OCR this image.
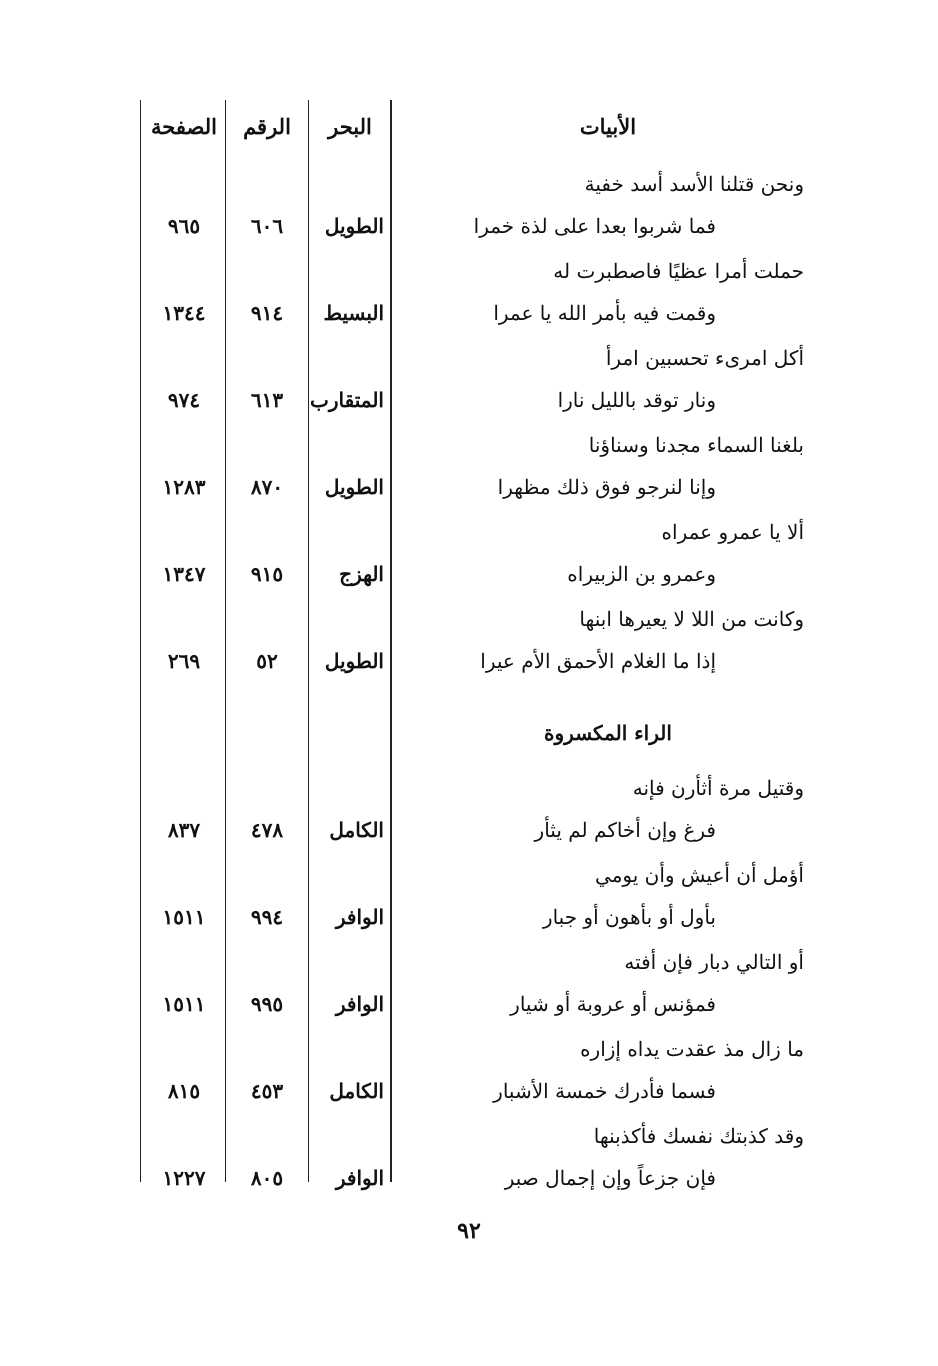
الأبيات
البحر
الرقم
الصفحة
ونحن قتلنا الأسد أسد خفية
فما شربوا بعدا على لذة خمرا
الطويل
٦٠٦
٩٦٥
حملت أمرا عظيًا فاصطبرت له
وقمت فيه بأمر الله يا عمرا
البسيط
٩١٤
١٣٤٤
أكل امرىء تحسبين امرأ
ونار توقد بالليل نارا
المتقارب
٦١٣
٩٧٤
بلغنا السماء مجدنا وسناؤنا
وإنا لنرجو فوق ذلك مظهرا
الطويل
٨٧٠
١٢٨٣
ألا يا عمرو عمراه
وعمرو بن الزبيراه
الهزج
٩١٥
١٣٤٧
وكانت من اللا لا يعيرها ابنها
إذا ما الغلام الأحمق الأم عيرا
الطويل
٥٢
٢٦٩
الراء المكسروة
وقتيل مرة أثأرن فإنه
فرغ وإن أخاكم لم يثأر
الكامل
٤٧٨
٨٣٧
أؤمل أن أعيش وأن يومي
بأول أو بأهون أو جبار
الوافر
٩٩٤
١٥١١
أو التالي دبار فإن أفته
فمؤنس أو عروبة أو شيار
الوافر
٩٩٥
١٥١١
ما زال مذ عقدت يداه إزاره
فسما فأدرك خمسة الأشبار
الكامل
٤٥٣
٨١٥
وقد كذبتك نفسك فأكذبنها
فإن جزعاً وإن إجمال صبر
الوافر
٨٠٥
١٢٢٧
٩٢
